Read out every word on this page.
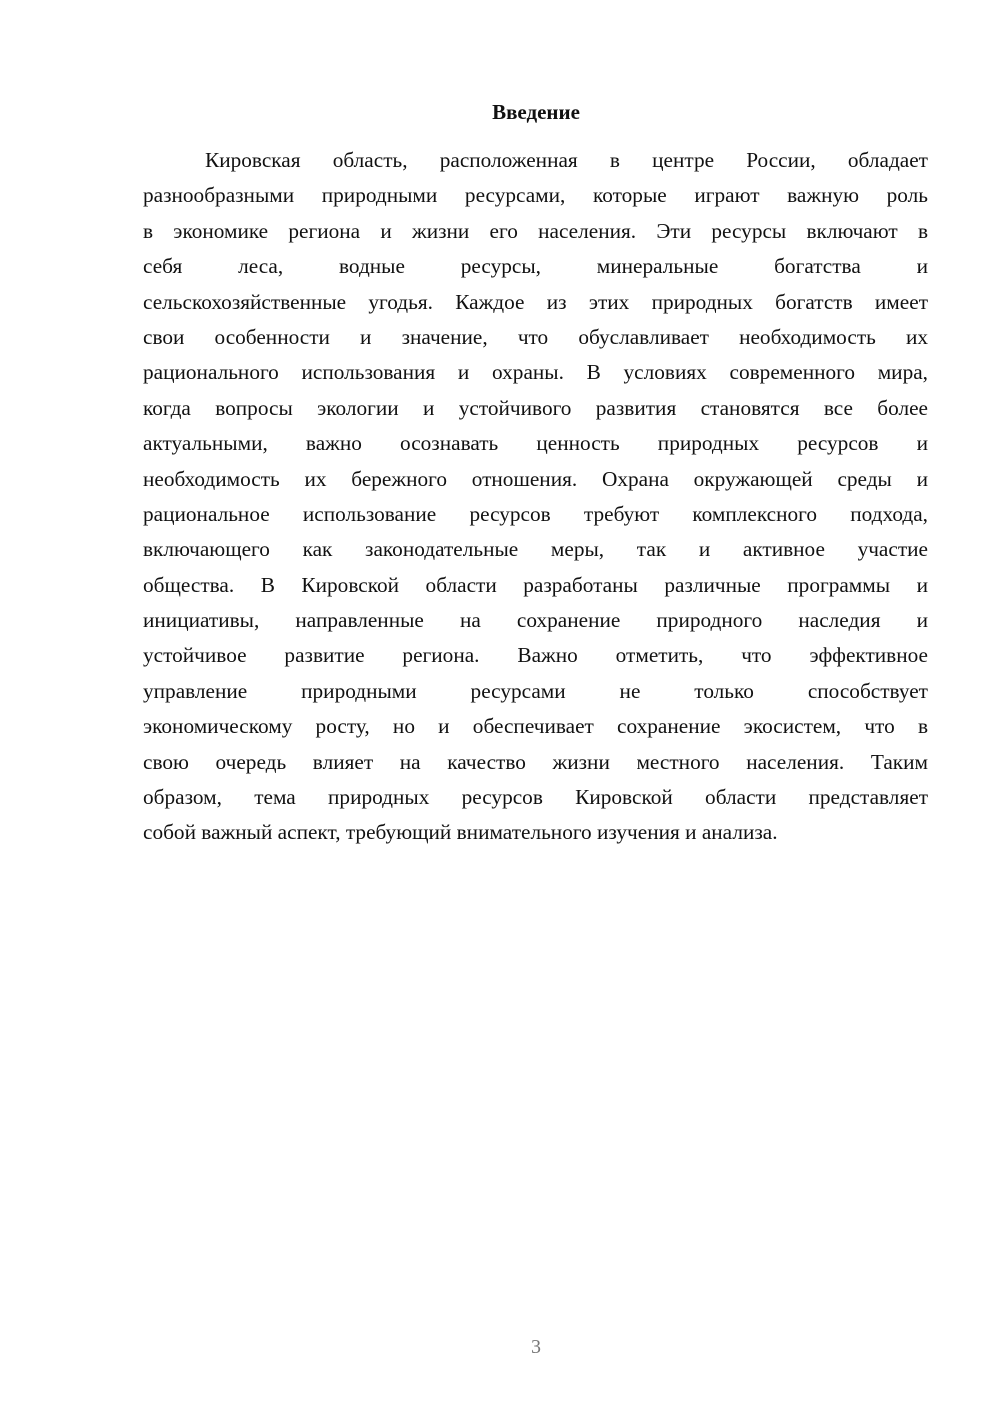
Введение
Кировская область, расположенная в центре России, обладает
разнообразными природными ресурсами, которые играют важную роль
в экономике региона и жизни его населения. Эти ресурсы включают в
себя леса, водные ресурсы, минеральные богатства и
сельскохозяйственные угодья. Каждое из этих природных богатств имеет
свои особенности и значение, что обуславливает необходимость их
рационального использования и охраны. В условиях современного мира,
когда вопросы экологии и устойчивого развития становятся все более
актуальными, важно осознавать ценность природных ресурсов и
необходимость их бережного отношения. Охрана окружающей среды и
рациональное использование ресурсов требуют комплексного подхода,
включающего как законодательные меры, так и активное участие
общества. В Кировской области разработаны различные программы и
инициативы, направленные на сохранение природного наследия и
устойчивое развитие региона. Важно отметить, что эффективное
управление природными ресурсами не только способствует
экономическому росту, но и обеспечивает сохранение экосистем, что в
свою очередь влияет на качество жизни местного населения. Таким
образом, тема природных ресурсов Кировской области представляет
собой важный аспект, требующий внимательного изучения и анализа.
3
